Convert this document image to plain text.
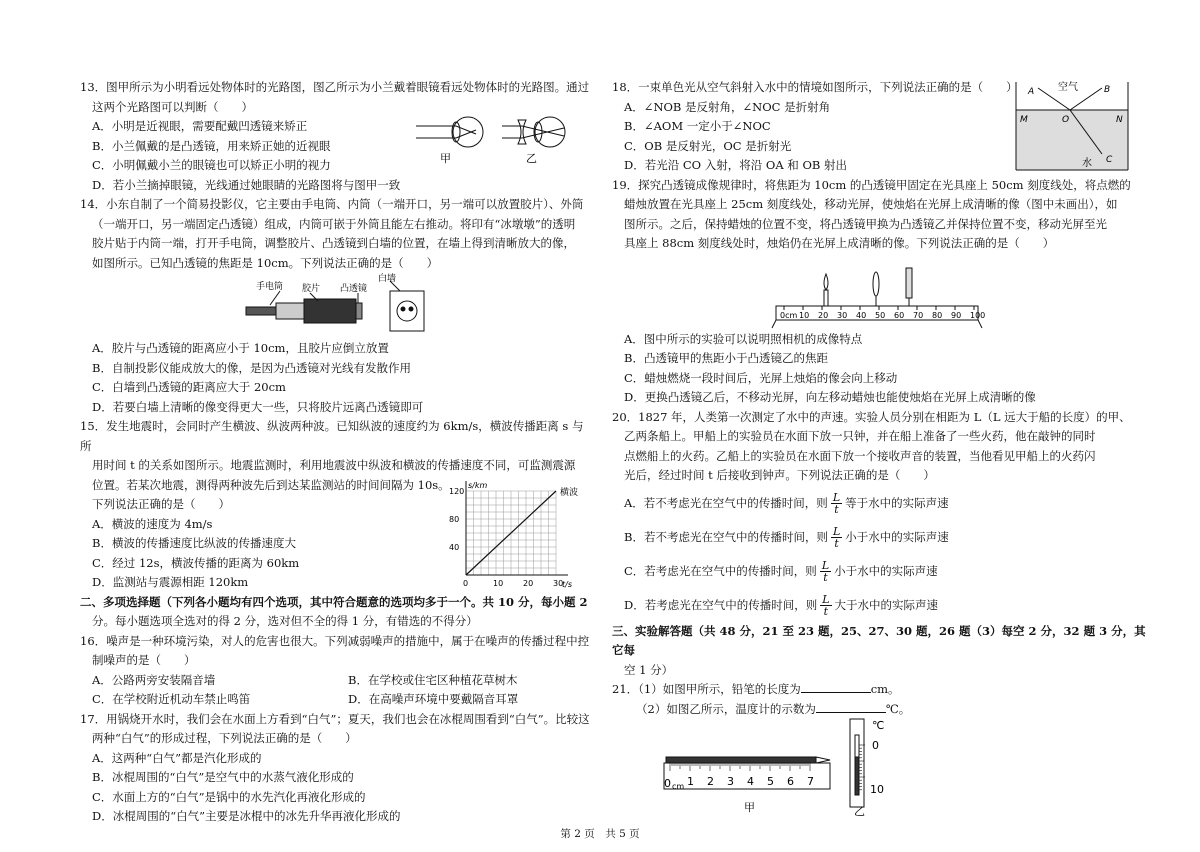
13．图甲所示为小明看远处物体时的光路图，图乙所示为小兰戴着眼镜看远处物体时的光路图。通过

这两个光路图可以判断（　　）

A．小明是近视眼，需要配戴凹透镜来矫正

B．小兰佩戴的是凸透镜，用来矫正她的近视眼

C．小明佩戴小兰的眼镜也可以矫正小明的视力

D．若小兰摘掉眼镜，光线通过她眼睛的光路图将与图甲一致

甲	乙

14．小东自制了一个简易投影仪，它主要由手电筒、内筒（一端开口，另一端可以放置胶片）、外筒

（一端开口，另一端固定凸透镜）组成，内筒可嵌于外筒且能左右推动。将印有“冰墩墩”的透明

胶片贴于内筒一端，打开手电筒，调整胶片、凸透镜到白墙的位置，在墙上得到清晰放大的像，

如图所示。已知凸透镜的焦距是 10cm。下列说法正确的是（　　）

手电筒 胶片 凸透镜
白墙

A．胶片与凸透镜的距离应小于 10cm，且胶片应倒立放置

B．自制投影仪能成放大的像，是因为凸透镜对光线有发散作用

C．白墙到凸透镜的距离应大于 20cm

D．若要白墙上清晰的像变得更大一些，只将胶片远离凸透镜即可

15．发生地震时，会同时产生横波、纵波两种波。已知纵波的速度约为 6km/s，横波传播距离 s 与所

用时间 t 的关系如图所示。地震监测时，利用地震波中纵波和横波的传播速度不同，可监测震源

位置。若某次地震，测得两种波先后到达某监测站的时间间隔为 10s。

下列说法正确的是（　　）

A．横波的速度为 4m/s

B．横波的传播速度比纵波的传播速度大

C．经过 12s，横波传播的距离为 60km

D．监测站与震源相距 120km	0	10 20 30
40
80
120
t/s
s/km
横波

二、多项选择题（下列各小题均有四个选项，其中符合题意的选项均多于一个。共 10 分，每小题 2

分。每小题选项全选对的得 2 分，选对但不全的得 1 分，有错选的不得分）

16．噪声是一种环境污染，对人的危害也很大。下列减弱噪声的措施中，属于在噪声的传播过程中控

制噪声的是（　　）

A．公路两旁安装隔音墙	B．在学校或住宅区种植花草树木

C．在学校附近机动车禁止鸣笛	D．在高噪声环境中要戴隔音耳罩

17．用锅烧开水时，我们会在水面上方看到“白气”；夏天，我们也会在冰棍周围看到“白气”。比较这

两种“白气”的形成过程，下列说法正确的是（　　）

A．这两种“白气”都是汽化形成的

B．冰棍周围的“白气”是空气中的水蒸气液化形成的

C．水面上方的“白气”是锅中的水先汽化再液化形成的

D．冰棍周围的“白气”主要是冰棍中的冰先升华再液化形成的

18．一束单色光从空气斜射入水中的情境如图所示，下列说法正确的是（　　）

A．∠NOB 是反射角，∠NOC 是折射角

B．∠AOM 一定小于∠NOC

C．OB 是反射光，OC 是折射光

D．若光沿 CO 入射，将沿 OA 和 OB 射出

A 空气	B
M	O	N
水 C

19．探究凸透镜成像规律时，将焦距为 10cm 的凸透镜甲固定在光具座上 50cm 刻度线处，将点燃的

蜡烛放置在光具座上 25cm 刻度线处，移动光屏，使烛焰在光屏上成清晰的像（图中未画出），如

图所示。之后，保持蜡烛的位置不变，将凸透镜甲换为凸透镜乙并保持位置不变，移动光屏至光

具座上 88cm 刻度线处时，烛焰仍在光屏上成清晰的像。下列说法正确的是（　　）

0cm 10 20 30 40 50 60 70 80 90 100

A．图中所示的实验可以说明照相机的成像特点

B．凸透镜甲的焦距小于凸透镜乙的焦距

C．蜡烛燃烧一段时间后，光屏上烛焰的像会向上移动

D．更换凸透镜乙后，不移动光屏，向左移动蜡烛也能使烛焰在光屏上成清晰的像

20．1827 年，人类第一次测定了水中的声速。实验人员分别在相距为 L（L 远大于船的长度）的甲、

乙两条船上。甲船上的实验员在水面下放一只钟，并在船上准备了一些火药，他在敲钟的同时

点燃船上的火药。乙船上的实验员在水面下放一个接收声音的装置，当他看见甲船上的火药闪

光后，经过时间 t 后接收到钟声。下列说法正确的是（　　）

A．若不考虑光在空气中的传播时间，则 $\frac{L}{t}$ 等于水中的实际声速

B．若不考虑光在空气中的传播时间，则 $\frac{L}{t}$ 小于水中的实际声速

C．若考虑光在空气中的传播时间，则 $\frac{L}{t}$ 小于水中的实际声速

D．若考虑光在空气中的传播时间，则 $\frac{L}{t}$ 大于水中的实际声速

三、实验解答题（共 48 分，21 至 23 题，25、27、30 题，26 题（3）每空 2 分，32 题 3 分，其它每

空 1 分）

21．（1）如图甲所示，铅笔的长度为	cm。

（2）如图乙所示，温度计的示数为	℃。

1 2 3 4 5 6 7
0 cm
℃
0
10
甲	乙
第 2 页　共 5 页
